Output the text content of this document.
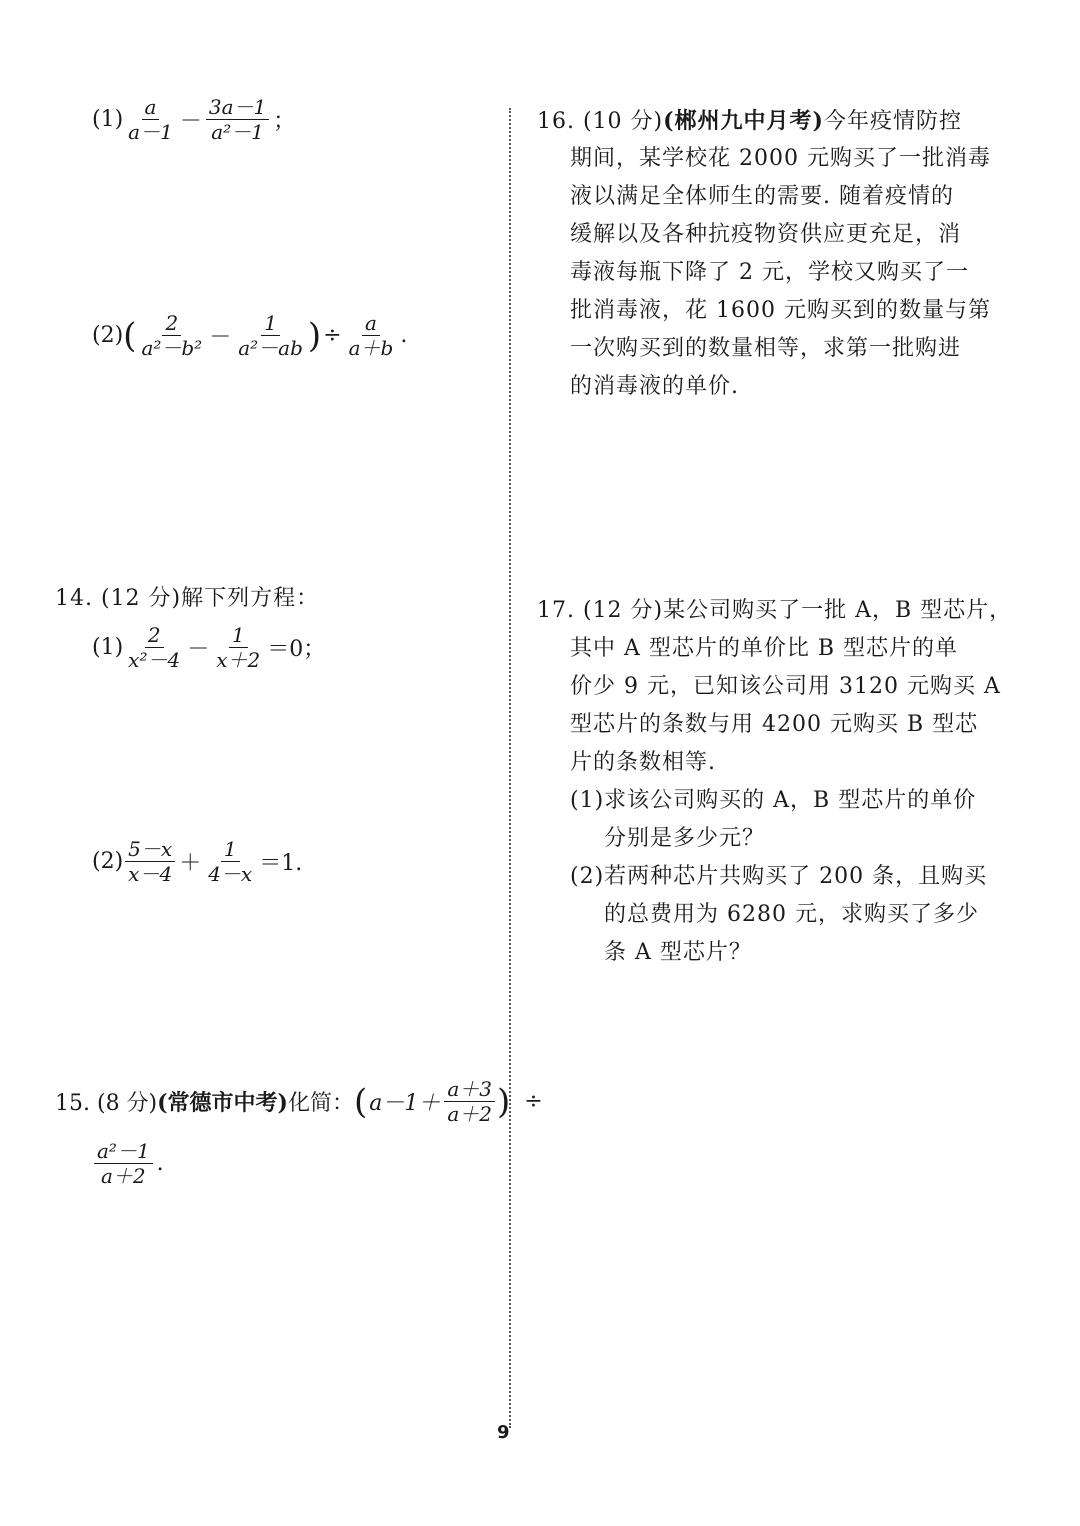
$(1) \frac{a}{a-1} - \frac{3a-1}{\text{a²－1}}$ ；
(2) ( $\frac{2}{\text{a²－b²}} - \frac{1}{\text{a²－ab}}$ ) ÷ $\frac{a}{a+b}$ .
14. (12 分)解下列方程：
$(1) \frac{2}{\text{x²－4}} - \frac{1}{x+2} =0$；
$(2) \frac{5-x}{x-4} + \frac{1}{4-x} =1$.
15. (8 分) (常德市中考) 化简： ( $a-1+ \frac{a+3}{a+2}$ ) ÷
$\frac{\text{a²－1}}{a+2}$ .
16. (10 分)(郴州九中月考)今年疫情防控
期间，某学校花 2000 元购买了一批消毒
液以满足全体师生的需要. 随着疫情的
缓解以及各种抗疫物资供应更充足，消
毒液每瓶下降了 2 元，学校又购买了一
批消毒液，花 1600 元购买到的数量与第
一次购买到的数量相等，求第一批购进
的消毒液的单价.
17. (12 分)某公司购买了一批 A，B 型芯片，
其中 A 型芯片的单价比 B 型芯片的单
价少 9 元，已知该公司用 3120 元购买 A
型芯片的条数与用 4200 元购买 B 型芯
片的条数相等.
(1)求该公司购买的 A，B 型芯片的单价
分别是多少元？
(2)若两种芯片共购买了 200 条，且购买
的总费用为 6280 元，求购买了多少
条 A 型芯片？
9
